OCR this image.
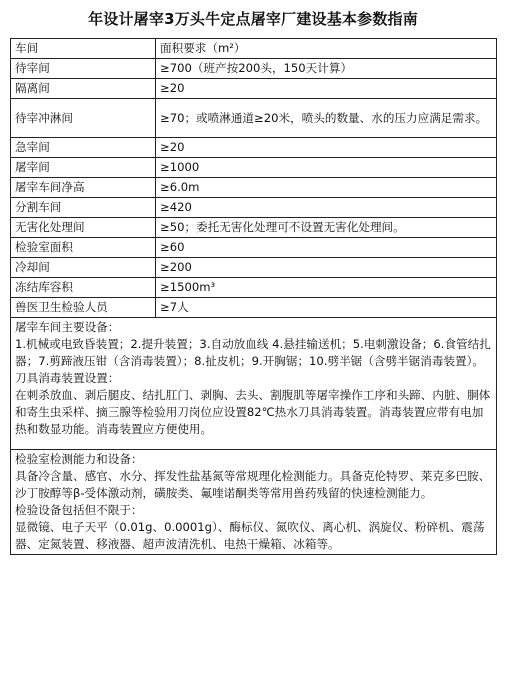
年设计屠宰3万头牛定点屠宰厂建设基本参数指南
车间	面积要求（m²）
待宰间	≥700（班产按200头，150天计算）
隔离间	≥20
待宰冲淋间	≥70；或喷淋通道≥20米，喷头的数量、水的压力应满足需求。
急宰间	≥20
屠宰间	≥1000
屠宰车间净高	≥6.0m
分割车间	≥420
无害化处理间	≥50；委托无害化处理可不设置无害化处理间。
检验室面积	≥60
冷却间	≥200
冻结库容积	≥1500m³
兽医卫生检验人员	≥7人

屠宰车间主要设备：
1.机械或电致昏装置；2.提升装置；3.自动放血线 4.悬挂输送机；5.电刺激设备；6.食管结扎器；7.剪蹄液压钳（含消毒装置）；8.扯皮机；9.开胸锯；10.劈半锯（含劈半锯消毒装置）。
刀具消毒装置设置：
在刺杀放血、剥后腿皮、结扎肛门、剥胸、去头、割腹肌等屠宰操作工序和头蹄、内脏、胴体和寄生虫采样、摘三腺等检验用刀岗位应设置82℃热水刀具消毒装置。消毒装置应带有电加热和数显功能。消毒装置应方便使用。	

检验室检测能力和设备：
具备冷含量、感官、水分、挥发性盐基氮等常规理化检测能力。具备克伦特罗、莱克多巴胺、沙丁胺醇等β-受体激动剂，磺胺类、氟喹诺酮类等常用兽药残留的快速检测能力。
检验设备包括但不限于：
显微镜、电子天平（0.01g、0.0001g）、酶标仪、氮吹仪、离心机、涡旋仪、粉碎机、震荡器、定氮装置、移液器、超声波清洗机、电热干燥箱、冰箱等。	
